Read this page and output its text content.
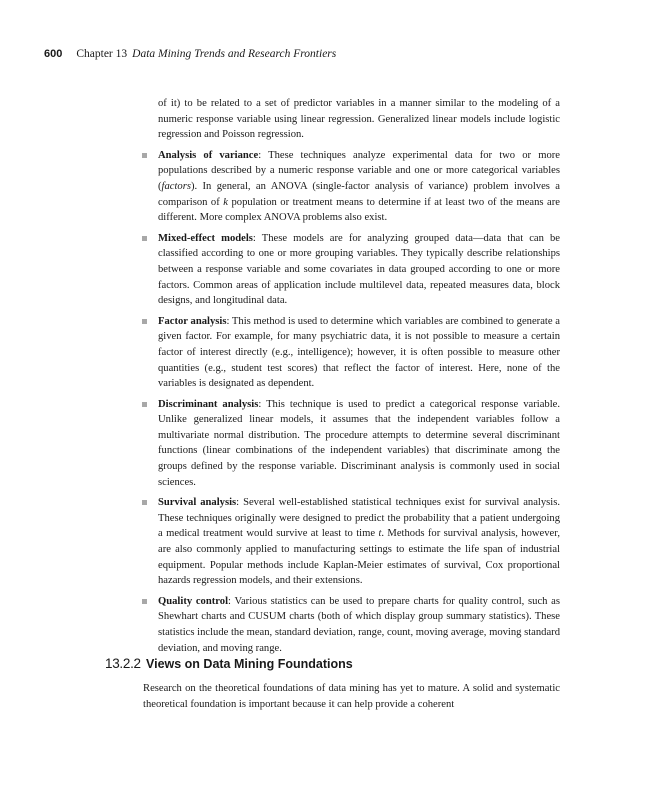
600 Chapter 13 Data Mining Trends and Research Frontiers

of it) to be related to a set of predictor variables in a manner similar to the modeling of a numeric response variable using linear regression. Generalized linear models include logistic regression and Poisson regression.

Analysis of variance: These techniques analyze experimental data for two or more populations described by a numeric response variable and one or more categorical variables (factors). In general, an ANOVA (single-factor analysis of variance) problem involves a comparison of k population or treatment means to determine if at least two of the means are different. More complex ANOVA problems also exist.
Mixed-effect models: These models are for analyzing grouped data—data that can be classified according to one or more grouping variables. They typically describe relationships between a response variable and some covariates in data grouped according to one or more factors. Common areas of application include multilevel data, repeated measures data, block designs, and longitudinal data.
Factor analysis: This method is used to determine which variables are combined to generate a given factor. For example, for many psychiatric data, it is not possible to measure a certain factor of interest directly (e.g., intelligence); however, it is often possible to measure other quantities (e.g., student test scores) that reflect the factor of interest. Here, none of the variables is designated as dependent.
Discriminant analysis: This technique is used to predict a categorical response variable. Unlike generalized linear models, it assumes that the independent variables follow a multivariate normal distribution. The procedure attempts to determine several discriminant functions (linear combinations of the independent variables) that discriminate among the groups defined by the response variable. Discriminant analysis is commonly used in social sciences.
Survival analysis: Several well-established statistical techniques exist for survival analysis. These techniques originally were designed to predict the probability that a patient undergoing a medical treatment would survive at least to time t. Methods for survival analysis, however, are also commonly applied to manufacturing settings to estimate the life span of industrial equipment. Popular methods include Kaplan-Meier estimates of survival, Cox proportional hazards regression models, and their extensions.
Quality control: Various statistics can be used to prepare charts for quality control, such as Shewhart charts and CUSUM charts (both of which display group summary statistics). These statistics include the mean, standard deviation, range, count, moving average, moving standard deviation, and moving range.
13.2.2 Views on Data Mining Foundations

Research on the theoretical foundations of data mining has yet to mature. A solid and systematic theoretical foundation is important because it can help provide a coherent
